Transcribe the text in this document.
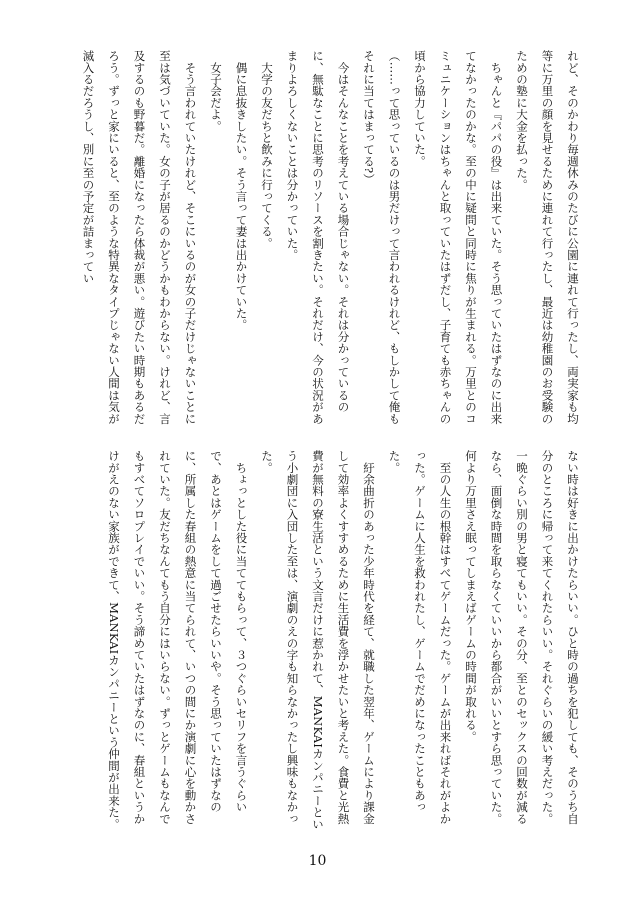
れど、そのかわり毎週休みのたびに公園に連れて行ったし、両実家も均等に万里の顔を見せるために連れて行ったし、最近は幼稚園のお受験のための塾に大金を払った。

　ちゃんと『パパの役』は出来ていた。そう思っていたはずなのに出来てなかったのかな。至の中に疑問と同時に焦りが生まれる。万里とのコミュニケーションはちゃんと取っていたはずだし、子育ても赤ちゃんの頃から協力していた。

（……って思っているのは男だけって言われるけれど、もしかして俺もそれに当てはまってる?）

　今はそんなことを考えている場合じゃない。それは分かっているのに、無駄なことに思考のリソースを割きたい。それだけ、今の状況があまりよろしくないことは分かっていた。

　大学の友だちと飲みに行ってくる。

　偶に息抜きしたい。そう言って妻は出かけていた。

　女子会だよ。

　そう言われていたけれど、そこにいるのが女の子だけじゃないことに至は気づいていた。女の子が居るのかどうかもわからない。けれど、言及するのも野暮だ。離婚になったら体裁が悪い。遊びたい時期もあるだろう。ずっと家にいると、至のような特異なタイプじゃない人間は気が滅入るだろうし、別に至の予定が詰まってい

ない時は好きに出かけたらいい。ひと時の過ちを犯しても、そのうち自分のところに帰って来てくれたらいい。それぐらいの緩い考えだった。一晩ぐらい別の男と寝てもいい。その分、至とのセックスの回数が減るなら、面倒な時間を取らなくていいから都合がいいとすら思っていた。何より万里さえ眠ってしまえばゲームの時間が取れる。

　至の人生の根幹はすべてゲームだった。ゲームが出来ればそれがよかった。ゲームに人生を救われたし、ゲームでだめになったこともあった。

　紆余曲折のあった少年時代を経て、就職した翌年、ゲームにより課金して効率よくすすめるために生活費を浮かせたいと考えた。食費と光熱費が無料の寮生活という文言だけに惹かれて、MANKAIカンパニーという小劇団に入団した至は、演劇のえの字も知らなかったし興味もなかった。

　ちょっとした役に当ててもらって、３つぐらいセリフを言うぐらいで、あとはゲームをして過ごせたらいいや。そう思っていたはずなのに、所属した春組の熱意に当てられて、いつの間にか演劇に心を動かされていた。友だちなんてもう自分にはいらない。ずっとゲームもなんでもすべてソロプレイでいい。そう諦めていたはずなのに、春組というかけがえのない家族ができて、MANKAIカンパニーという仲間が出来た。

10
